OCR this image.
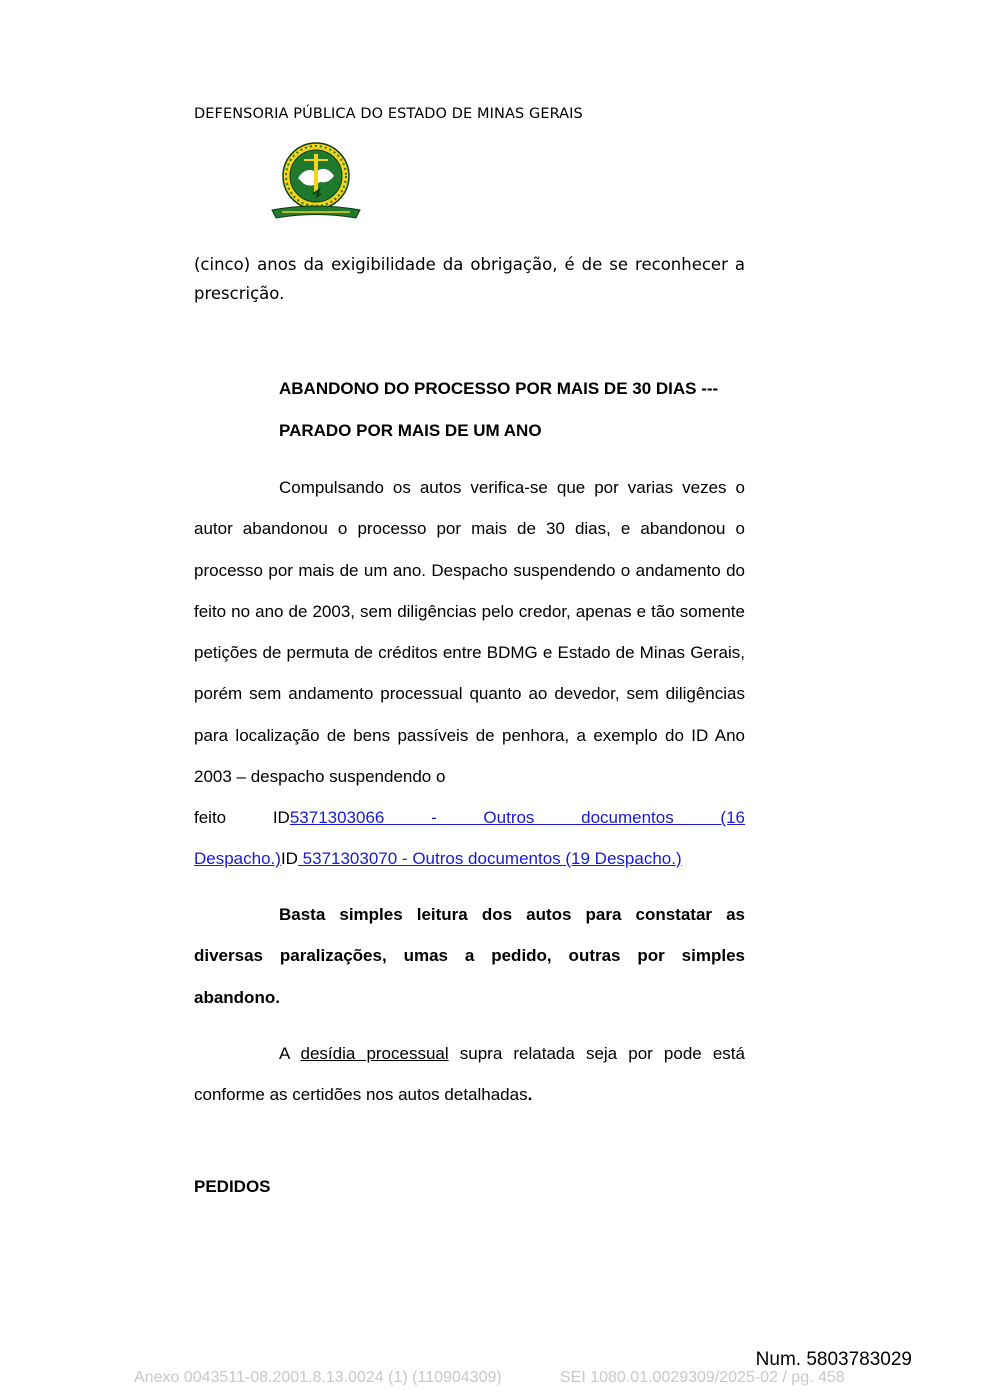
DEFENSORIA PÚBLICA DO ESTADO DE MINAS GERAIS
(cinco) anos da exigibilidade da obrigação, é de se reconhecer a prescrição.
ABANDONO DO PROCESSO POR MAIS DE 30 DIAS ---
PARADO POR MAIS DE UM ANO
Compulsando os autos verifica-se que por varias vezes o autor abandonou o processo por mais de 30 dias, e abandonou o processo por mais de um ano. Despacho suspendendo o andamento do feito no ano de 2003, sem diligências pelo credor, apenas e tão somente petições de permuta de créditos entre BDMG e Estado de Minas Gerais, porém sem andamento processual quanto ao devedor, sem diligências para localização de bens passíveis de penhora, a exemplo do ID Ano 2003 – despacho suspendendo o
feito ID5371303066 - Outros documentos (16
Despacho.)ID 5371303070 - Outros documentos (19 Despacho.)
Basta simples leitura dos autos para constatar as diversas paralizações, umas a pedido, outras por simples abandono.
A desídia processual supra relatada seja por pode está conforme as certidões nos autos detalhadas.
PEDIDOS
Num. 5803783029
Anexo 0043511-08.2001.8.13.0024 (1) (110904309)	SEI 1080.01.0029309/2025-02 / pg. 458
